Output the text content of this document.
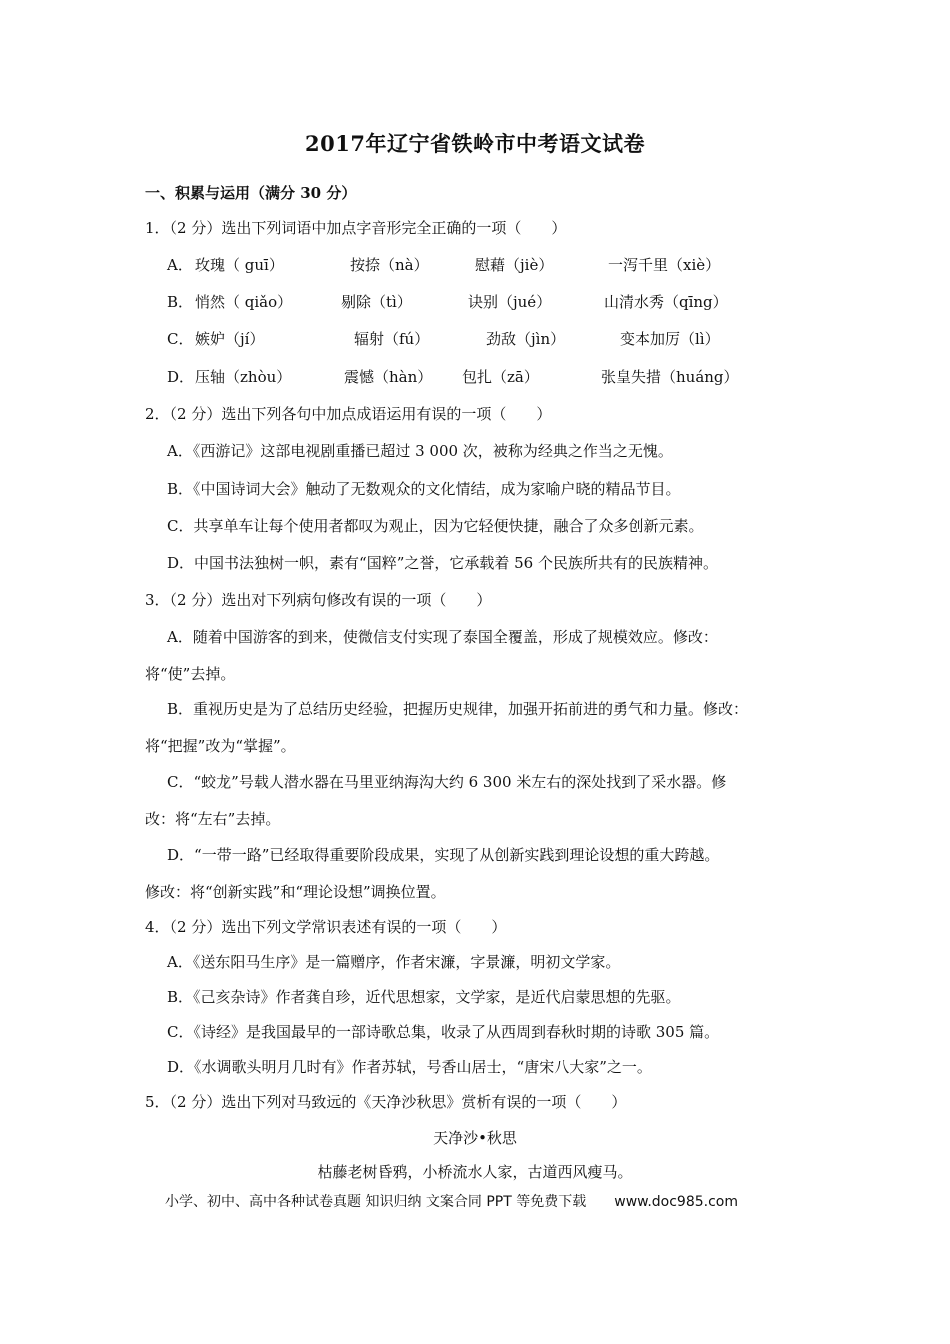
2017年辽宁省铁岭市中考语文试卷
一、积累与运用（满分 30 分）
1．（2 分）选出下列词语中加点字音形完全正确的一项（　　）
A． 玫瑰（ guī）	按捺（nà）	慰藉（jiè）	一泻千里（xiè）
B． 悄然（ qiǎo）	剔除（tì）	诀别（jué）	山清水秀（qīng）
C． 嫉妒（jí）	辐射（fú）	劲敌（jìn）	变本加厉（lì）
D． 压轴（zhòu）	震憾（hàn） 包扎（zā）	张皇失措（huáng）
2．（2 分）选出下列各句中加点成语运用有误的一项（　　）
A．《西游记》这部电视剧重播已超过 3 000 次，被称为经典之作当之无愧。
B．《中国诗词大会》触动了无数观众的文化情结，成为家喻户晓的精品节目。
C．共享单车让每个使用者都叹为观止，因为它轻便快捷，融合了众多创新元素。
D．中国书法独树一帜，素有“国粹”之誉，它承载着 56 个民族所共有的民族精神。
3．（2 分）选出对下列病句修改有误的一项（　　）
A．随着中国游客的到来，使微信支付实现了泰国全覆盖，形成了规模效应。修改：
将“使”去掉。
B．重视历史是为了总结历史经验，把握历史规律，加强开拓前进的勇气和力量。修改：
将“把握”改为“掌握”。
C．“蛟龙”号载人潜水器在马里亚纳海沟大约 6 300 米左右的深处找到了采水器。修
改：将“左右”去掉。
D．“一带一路”已经取得重要阶段成果，实现了从创新实践到理论设想的重大跨越。
修改：将“创新实践”和“理论设想”调换位置。
4．（2 分）选出下列文学常识表述有误的一项（　　）
A．《送东阳马生序》是一篇赠序，作者宋濂，字景濂，明初文学家。
B．《己亥杂诗》作者龚自珍，近代思想家，文学家，是近代启蒙思想的先驱。
C．《诗经》是我国最早的一部诗歌总集，收录了从西周到春秋时期的诗歌 305 篇。
D．《水调歌头明月几时有》作者苏轼，号香山居士，“唐宋八大家”之一。
5．（2 分）选出下列对马致远的《天净沙秋思》赏析有误的一项（　　）
天净沙•秋思
枯藤老树昏鸦，小桥流水人家，古道西风瘦马。
小学、初中、高中各种试卷真题 知识归纳 文案合同 PPT 等免费下载 www.doc985.com
